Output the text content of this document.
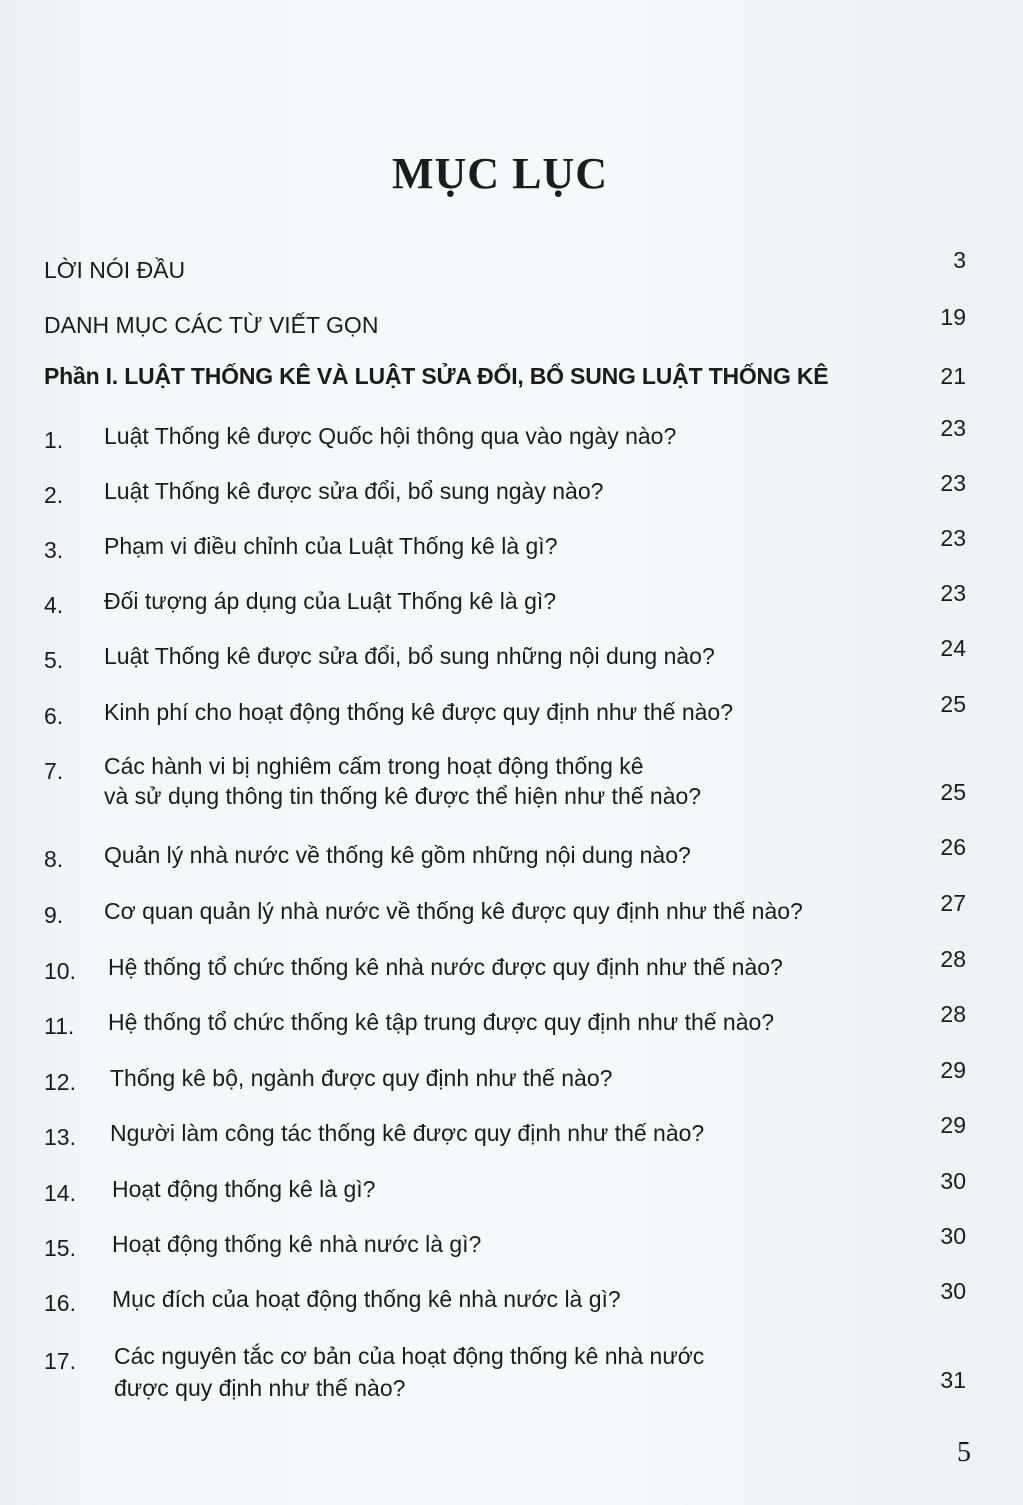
MỤC LỤC
LỜI NÓI ĐẦU	3
DANH MỤC CÁC TỪ VIẾT GỌN	19
Phần I. LUẬT THỐNG KÊ VÀ LUẬT SỬA ĐỔI, BỔ SUNG LUẬT THỐNG KÊ	21
1. Luật Thống kê được Quốc hội thông qua vào ngày nào?	23
2. Luật Thống kê được sửa đổi, bổ sung ngày nào?	23
3. Phạm vi điều chỉnh của Luật Thống kê là gì?	23
4. Đối tượng áp dụng của Luật Thống kê là gì?	23
5. Luật Thống kê được sửa đổi, bổ sung những nội dung nào?	24
6. Kinh phí cho hoạt động thống kê được quy định như thế nào?	25
7. Các hành vi bị nghiêm cấm trong hoạt động thống kê
và sử dụng thông tin thống kê được thể hiện như thế nào?	25
8. Quản lý nhà nước về thống kê gồm những nội dung nào?	26
9. Cơ quan quản lý nhà nước về thống kê được quy định như thế nào?	27
10. Hệ thống tổ chức thống kê nhà nước được quy định như thế nào?	28
11. Hệ thống tổ chức thống kê tập trung được quy định như thế nào?	28
12. Thống kê bộ, ngành được quy định như thế nào?	29
13. Người làm công tác thống kê được quy định như thế nào?	29
14. Hoạt động thống kê là gì?	30
15. Hoạt động thống kê nhà nước là gì?	30
16. Mục đích của hoạt động thống kê nhà nước là gì?	30
17. Các nguyên tắc cơ bản của hoạt động thống kê nhà nước
được quy định như thế nào?	31
5
